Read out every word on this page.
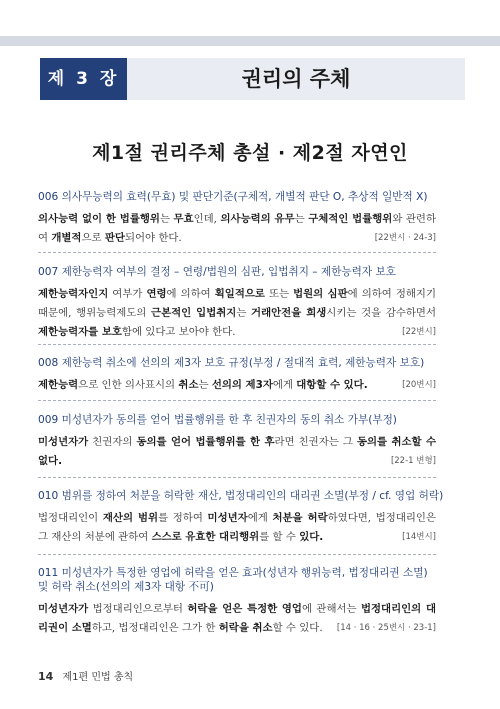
제 3 장	권리의 주체
제1절 권리주체 총설 · 제2절 자연인
006 의사무능력의 효력(무효) 및 판단기준(구체적, 개별적 판단 O, 추상적 일반적 X)
의사능력 없이 한 법률행위는 무효인데, 의사능력의 유무는 구체적인 법률행위와 관련하여 개별적으로 판단되어야 한다.	[22변시 · 24-3]
007 제한능력자 여부의 결정 – 연령/법원의 심판, 입법취지 – 제한능력자 보호
제한능력자인지 여부가 연령에 의하여 획일적으로 또는 법원의 심판에 의하여 정해지기 때문에, 행위능력제도의 근본적인 입법취지는 거래안전을 희생시키는 것을 감수하면서 제한능력자를 보호함에 있다고 보아야 한다.	[22변시]
008 제한능력 취소에 선의의 제3자 보호 규정(부정 / 절대적 효력, 제한능력자 보호)
제한능력으로 인한 의사표시의 취소는 선의의 제3자에게 대항할 수 있다.	[20변시]
009 미성년자가 동의를 얻어 법률행위를 한 후 친권자의 동의 취소 가부(부정)
미성년자가 친권자의 동의를 얻어 법률행위를 한 후라면 친권자는 그 동의를 취소할 수 없다.	[22-1 변형]
010 범위를 정하여 처분을 허락한 재산, 법정대리인의 대리권 소멸(부정 / cf. 영업 허락)
법정대리인이 재산의 범위를 정하여 미성년자에게 처분을 허락하였다면, 법정대리인은 그 재산의 처분에 관하여 스스로 유효한 대리행위를 할 수 있다.	[14변시]
011 미성년자가 특정한 영업에 허락을 얻은 효과(성년자 행위능력, 법정대리권 소멸) 및 허락 취소(선의의 제3자 대항 不可)
미성년자가 법정대리인으로부터 허락을 얻은 특정한 영업에 관해서는 법정대리인의 대리권이 소멸하고, 법정대리인은 그가 한 허락을 취소할 수 있다. [14 · 16 · 25변시 · 23-1]
14 제1편 민법 총칙
